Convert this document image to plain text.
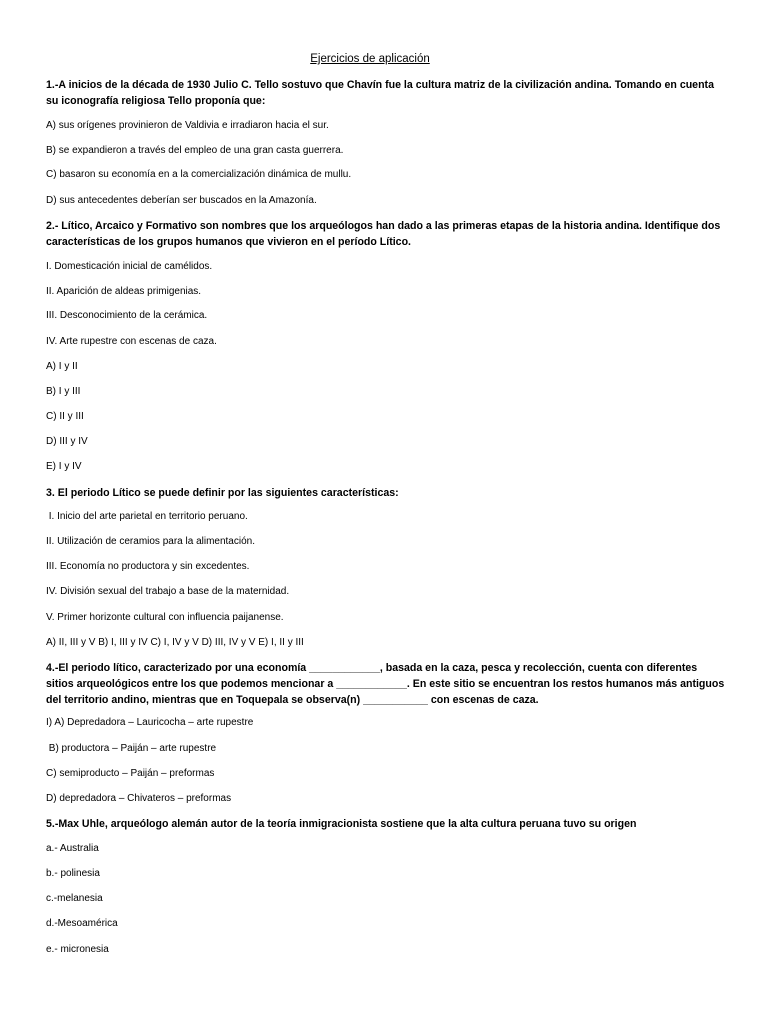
Ejercicios de aplicación

1.-A inicios de la década de 1930 Julio C. Tello sostuvo que Chavín fue la cultura matriz de la civilización andina. Tomando en cuenta su iconografía religiosa Tello proponía que:

A) sus orígenes provinieron de Valdivia e irradiaron hacia el sur.

B) se expandieron a través del empleo de una gran casta guerrera.

C) basaron su economía en a la comercialización dinámica de mullu.

D) sus antecedentes deberían ser buscados en la Amazonía.

2.- Lítico, Arcaico y Formativo son nombres que los arqueólogos han dado a las primeras etapas de la historia andina. Identifique dos características de los grupos humanos que vivieron en el período Lítico.

I. Domesticación inicial de camélidos.

II. Aparición de aldeas primigenias.

III. Desconocimiento de la cerámica.

IV. Arte rupestre con escenas de caza.

A) I y II

B) I y III

C) II y III

D) III y IV

E) I y IV

3. El periodo Lítico se puede definir por las siguientes características:

I. Inicio del arte parietal en territorio peruano.

II. Utilización de ceramios para la alimentación.

III. Economía no productora y sin excedentes.

IV. División sexual del trabajo a base de la maternidad.

V. Primer horizonte cultural con influencia paijanense.

A) II, III y V B) I, III y IV C) I, IV y V D) III, IV y V E) I, II y III

4.-El periodo lítico, caracterizado por una economía ____________, basada en la caza, pesca y recolección, cuenta con diferentes sitios arqueológicos entre los que podemos mencionar a ____________. En este sitio se encuentran los restos humanos más antiguos del territorio andino, mientras que en Toquepala se observa(n) ___________ con escenas de caza.

I) A) Depredadora – Lauricocha – arte rupestre

B) productora – Paiján – arte rupestre

C) semiproducto – Paiján – preformas

D) depredadora – Chivateros – preformas

5.-Max Uhle, arqueólogo alemán autor de la teoría inmigracionista sostiene que la alta cultura peruana tuvo su origen

a.- Australia

b.- polinesia

c.-melanesia

d.-Mesoamérica

e.- micronesia
